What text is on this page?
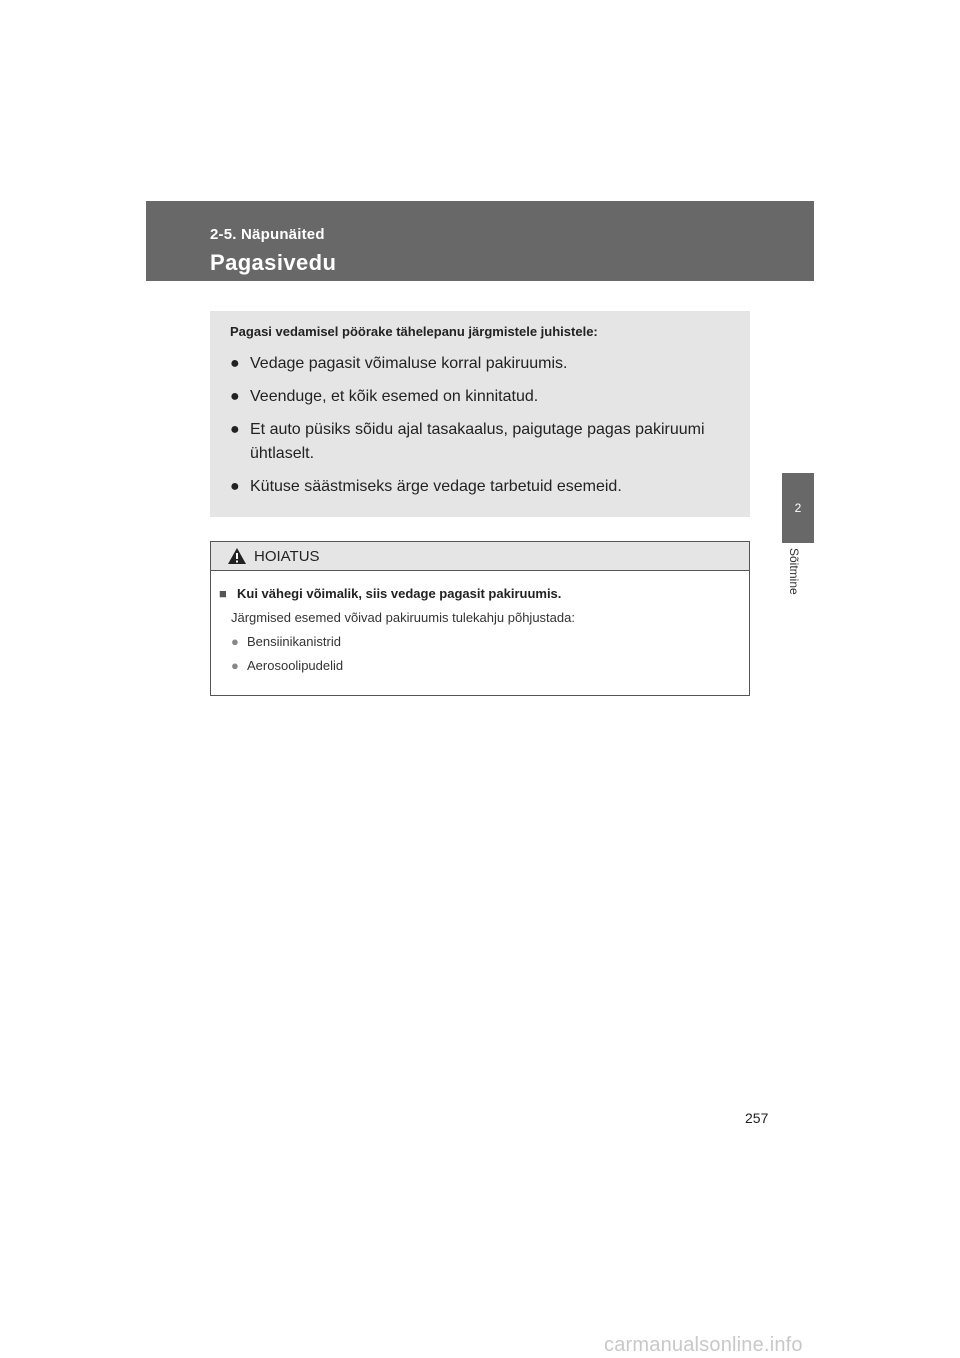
2-5. Näpunäited
Pagasivedu
2
Sõitmine
Pagasi vedamisel pöörake tähelepanu järgmistele juhistele:
● Vedage pagasit võimaluse korral pakiruumis.
● Veenduge, et kõik esemed on kinnitatud.
● Et auto püsiks sõidu ajal tasakaalus, paigutage pagas pakiruumi ühtlaselt.
● Kütuse säästmiseks ärge vedage tarbetuid esemeid.
HOIATUS
■ Kui vähegi võimalik, siis vedage pagasit pakiruumis.
Järgmised esemed võivad pakiruumis tulekahju põhjustada:
● Bensiinikanistrid
● Aerosoolipudelid
257
carmanualsonline.info
